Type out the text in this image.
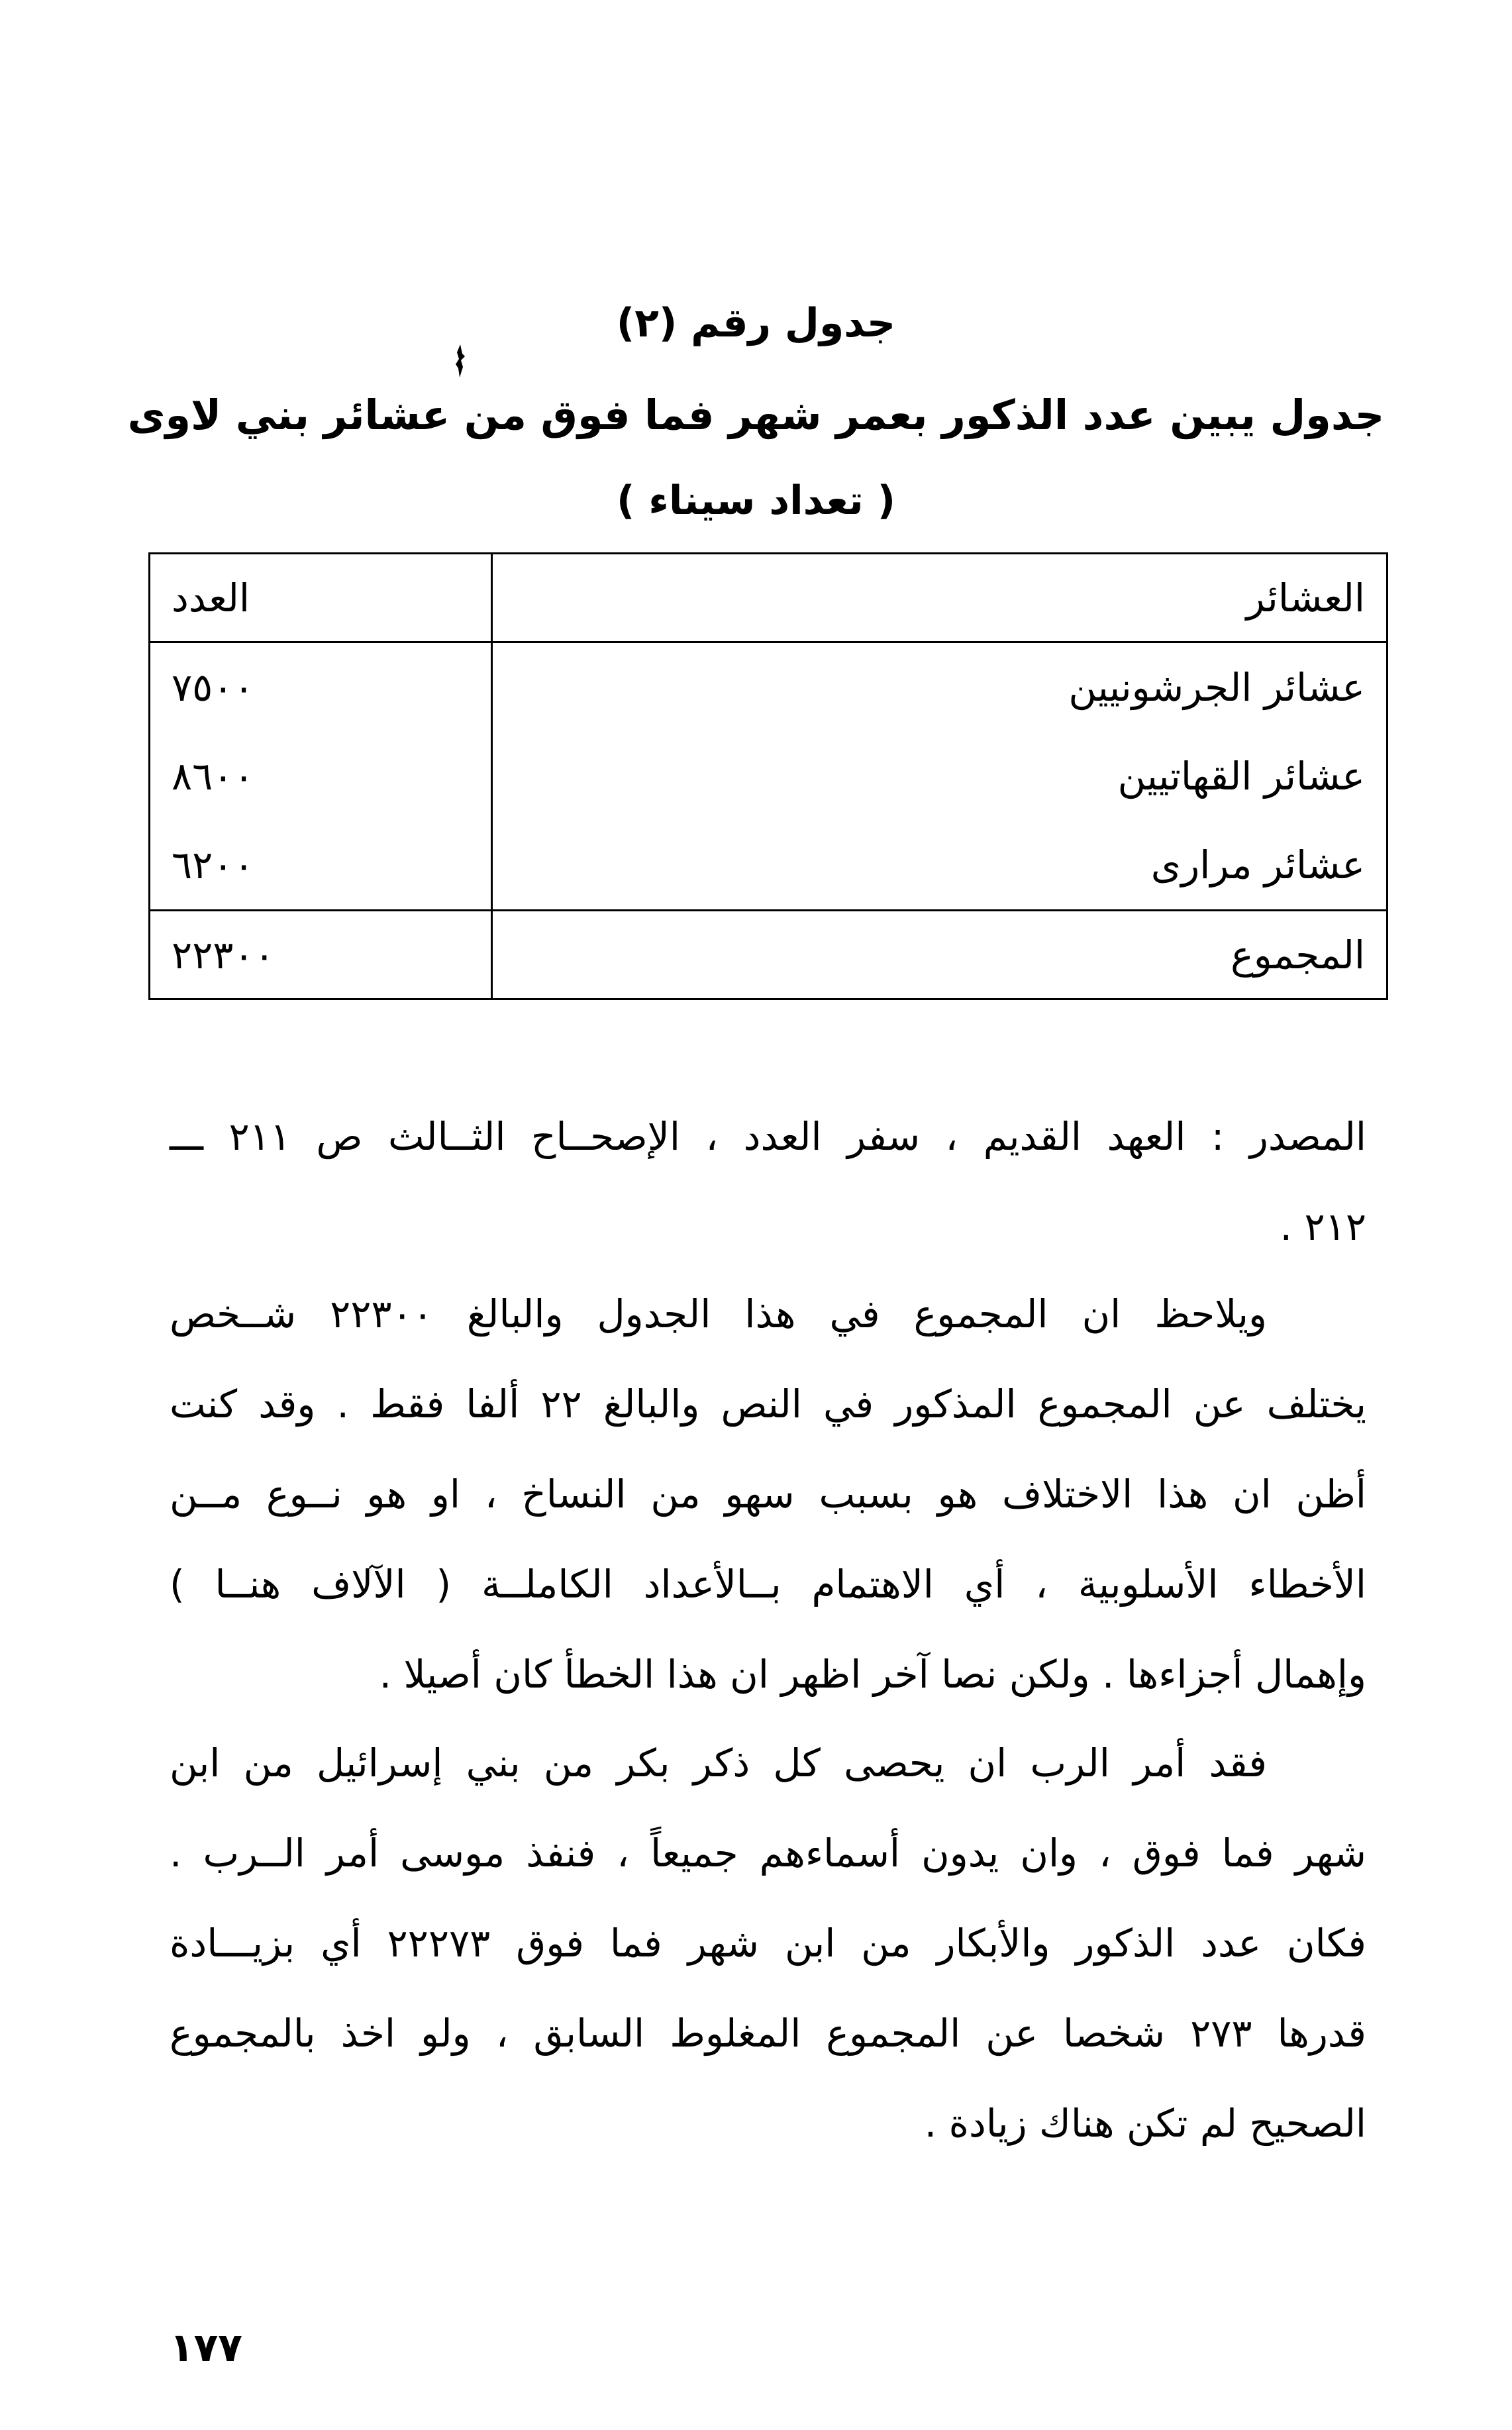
جدول رقم (٢)
جدول يبين عدد الذكور بعمر شهر فما فوق من عشائر بني لاوى
( تعداد سيناء )
العشائر	العدد
عشائر الجرشونيين	٧٥٠٠
عشائر القهاتيين	٨٦٠٠
عشائر مرارى	٦٢٠٠
المجموع	٢٢٣٠٠
المصدر : العهد القديم ، سفر العدد ، الإصحــاح الثــالث ص ٢١١ ـــ
٢١٢ .
ويلاحظ ان المجموع في هذا الجدول والبالغ ٢٢٣٠٠ شــخص
يختلف عن المجموع المذكور في النص والبالغ ٢٢ ألفا فقط . وقد كنت
أظن ان هذا الاختلاف هو بسبب سهو من النساخ ، او هو نــوع مــن
الأخطاء الأسلوبية ، أي الاهتمام بــالأعداد الكاملــة ( الآلاف هنــا )
وإهمال أجزاءها . ولكن نصا آخر اظهر ان هذا الخطأ كان أصيلا .
فقد أمر الرب ان يحصى كل ذكر بكر من بني إسرائيل من ابن
شهر فما فوق ، وان يدون أسماءهم جميعاً ، فنفذ موسى أمر الــرب .
فكان عدد الذكور والأبكار من ابن شهر فما فوق ٢٢٢٧٣ أي بزيـــادة
قدرها ٢٧٣ شخصا عن المجموع المغلوط السابق ، ولو اخذ بالمجموع
الصحيح لم تكن هناك زيادة .
١٧٧
